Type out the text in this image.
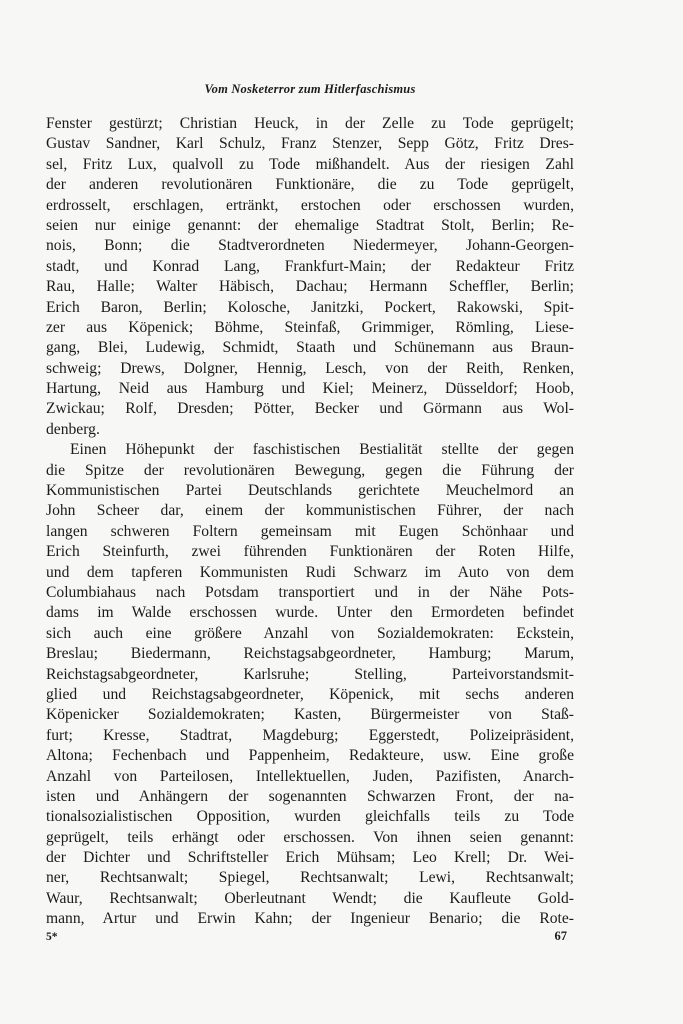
Vom Nosketerror zum Hitlerfaschismus
Fenster gestürzt; Christian Heuck, in der Zelle zu Tode geprügelt;
Gustav Sandner, Karl Schulz, Franz Stenzer, Sepp Götz, Fritz Dres-
sel, Fritz Lux, qualvoll zu Tode mißhandelt. Aus der riesigen Zahl
der anderen revolutionären Funktionäre, die zu Tode geprügelt,
erdrosselt, erschlagen, ertränkt, erstochen oder erschossen wurden,
seien nur einige genannt: der ehemalige Stadtrat Stolt, Berlin; Re-
nois, Bonn; die Stadtverordneten Niedermeyer, Johann-Georgen-
stadt, und Konrad Lang, Frankfurt-Main; der Redakteur Fritz
Rau, Halle; Walter Häbisch, Dachau; Hermann Scheffler, Berlin;
Erich Baron, Berlin; Kolosche, Janitzki, Pockert, Rakowski, Spit-
zer aus Köpenick; Böhme, Steinfaß, Grimmiger, Römling, Liese-
gang, Blei, Ludewig, Schmidt, Staath und Schünemann aus Braun-
schweig; Drews, Dolgner, Hennig, Lesch, von der Reith, Renken,
Hartung, Neid aus Hamburg und Kiel; Meinerz, Düsseldorf; Hoob,
Zwickau; Rolf, Dresden; Pötter, Becker und Görmann aus Wol-
denberg.
Einen Höhepunkt der faschistischen Bestialität stellte der gegen
die Spitze der revolutionären Bewegung, gegen die Führung der
Kommunistischen Partei Deutschlands gerichtete Meuchelmord an
John Scheer dar, einem der kommunistischen Führer, der nach
langen schweren Foltern gemeinsam mit Eugen Schönhaar und
Erich Steinfurth, zwei führenden Funktionären der Roten Hilfe,
und dem tapferen Kommunisten Rudi Schwarz im Auto von dem
Columbiahaus nach Potsdam transportiert und in der Nähe Pots-
dams im Walde erschossen wurde. Unter den Ermordeten befindet
sich auch eine größere Anzahl von Sozialdemokraten: Eckstein,
Breslau; Biedermann, Reichstagsabgeordneter, Hamburg; Marum,
Reichstagsabgeordneter, Karlsruhe; Stelling, Parteivorstandsmit-
glied und Reichstagsabgeordneter, Köpenick, mit sechs anderen
Köpenicker Sozialdemokraten; Kasten, Bürgermeister von Staß-
furt; Kresse, Stadtrat, Magdeburg; Eggerstedt, Polizeipräsident,
Altona; Fechenbach und Pappenheim, Redakteure, usw. Eine große
Anzahl von Parteilosen, Intellektuellen, Juden, Pazifisten, Anarch-
isten und Anhängern der sogenannten Schwarzen Front, der na-
tionalsozialistischen Opposition, wurden gleichfalls teils zu Tode
geprügelt, teils erhängt oder erschossen. Von ihnen seien genannt:
der Dichter und Schriftsteller Erich Mühsam; Leo Krell; Dr. Wei-
ner, Rechtsanwalt; Spiegel, Rechtsanwalt; Lewi, Rechtsanwalt;
Waur, Rechtsanwalt; Oberleutnant Wendt; die Kaufleute Gold-
mann, Artur und Erwin Kahn; der Ingenieur Benario; die Rote-
5*	67
